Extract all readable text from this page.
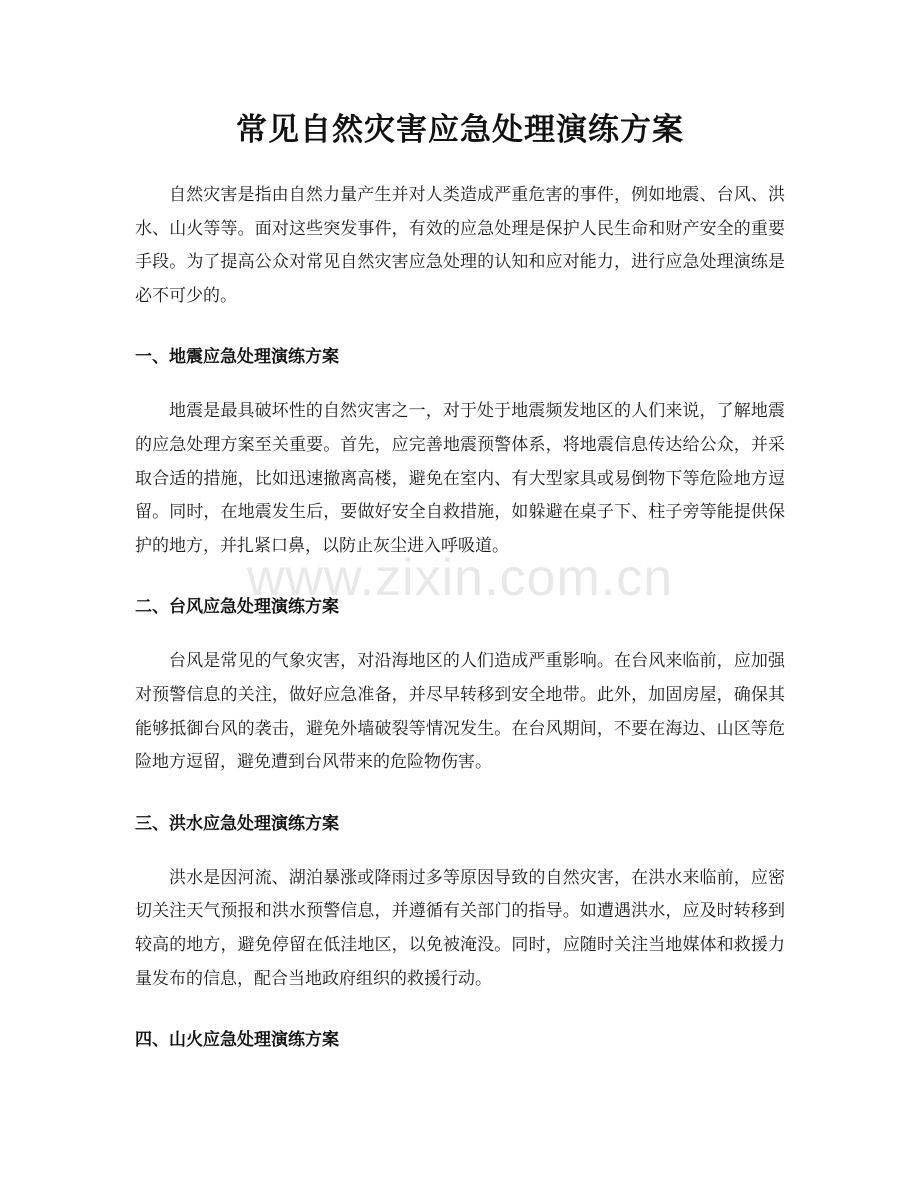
常见自然灾害应急处理演练方案

自然灾害是指由自然力量产生并对人类造成严重危害的事件，例如地震、台风、洪水、山火等等。面对这些突发事件，有效的应急处理是保护人民生命和财产安全的重要手段。为了提高公众对常见自然灾害应急处理的认知和应对能力，进行应急处理演练是必不可少的。

一、地震应急处理演练方案

地震是最具破坏性的自然灾害之一，对于处于地震频发地区的人们来说，了解地震的应急处理方案至关重要。首先，应完善地震预警体系，将地震信息传达给公众，并采取合适的措施，比如迅速撤离高楼，避免在室内、有大型家具或易倒物下等危险地方逗留。同时，在地震发生后，要做好安全自救措施，如躲避在桌子下、柱子旁等能提供保护的地方，并扎紧口鼻，以防止灰尘进入呼吸道。

二、台风应急处理演练方案

台风是常见的气象灾害，对沿海地区的人们造成严重影响。在台风来临前，应加强对预警信息的关注，做好应急准备，并尽早转移到安全地带。此外，加固房屋，确保其能够抵御台风的袭击，避免外墙破裂等情况发生。在台风期间，不要在海边、山区等危险地方逗留，避免遭到台风带来的危险物伤害。

三、洪水应急处理演练方案

洪水是因河流、湖泊暴涨或降雨过多等原因导致的自然灾害，在洪水来临前，应密切关注天气预报和洪水预警信息，并遵循有关部门的指导。如遭遇洪水，应及时转移到较高的地方，避免停留在低洼地区，以免被淹没。同时，应随时关注当地媒体和救援力量发布的信息，配合当地政府组织的救援行动。

四、山火应急处理演练方案
www.zixin.com.cn
